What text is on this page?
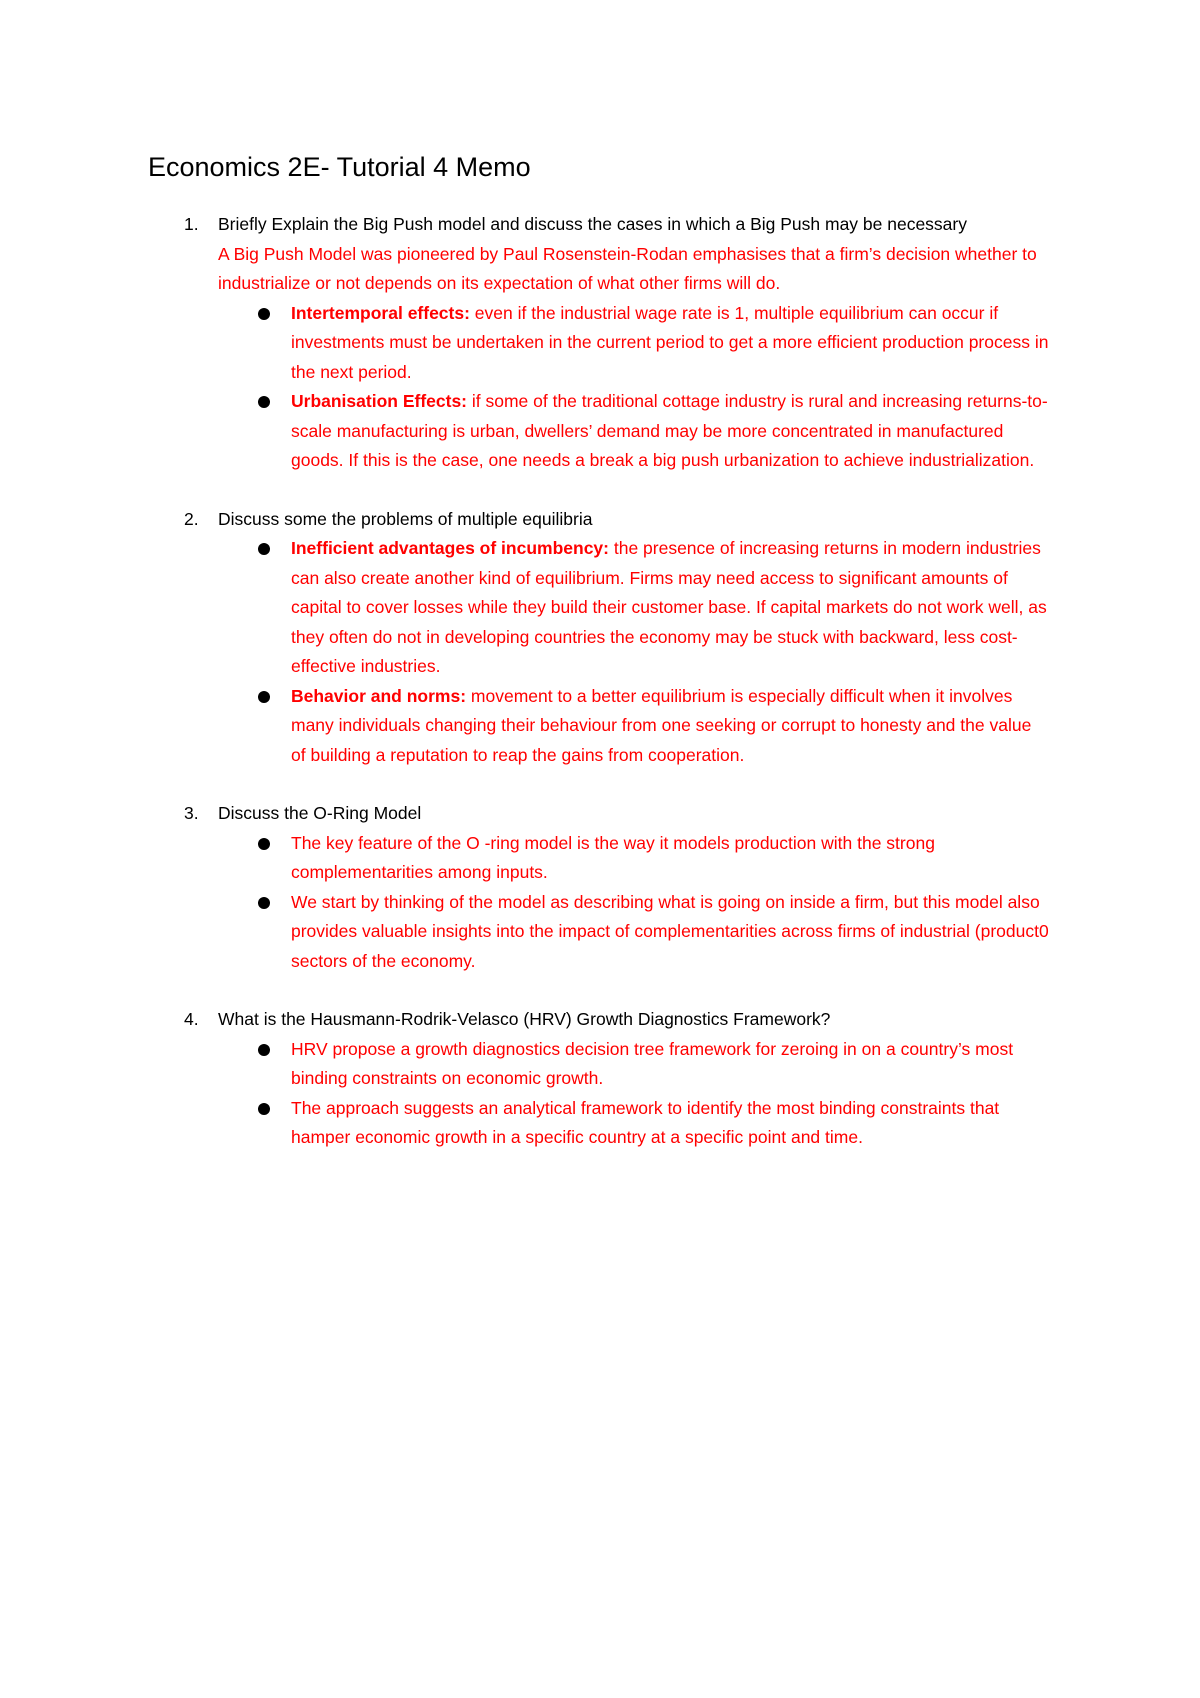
Economics 2E- Tutorial 4 Memo
1. Briefly Explain the Big Push model and discuss the cases in which a Big Push may be necessary
A Big Push Model was pioneered by Paul Rosenstein-Rodan emphasises that a firm’s decision whether to industrialize or not depends on its expectation of what other firms will do.
Intertemporal effects: even if the industrial wage rate is 1, multiple equilibrium can occur if investments must be undertaken in the current period to get a more efficient production process in the next period.
Urbanisation Effects: if some of the traditional cottage industry is rural and increasing returns-to-scale manufacturing is urban, dwellers’ demand may be more concentrated in manufactured goods. If this is the case, one needs a break a big push urbanization to achieve industrialization.
2. Discuss some the problems of multiple equilibria
Inefficient advantages of incumbency: the presence of increasing returns in modern industries can also create another kind of equilibrium. Firms may need access to significant amounts of capital to cover losses while they build their customer base. If capital markets do not work well, as they often do not in developing countries the economy may be stuck with backward, less cost-effective industries.
Behavior and norms: movement to a better equilibrium is especially difficult when it involves many individuals changing their behaviour from one seeking or corrupt to honesty and the value of building a reputation to reap the gains from cooperation.
3. Discuss the O-Ring Model
The key feature of the O -ring model is the way it models production with the strong complementarities among inputs.
We start by thinking of the model as describing what is going on inside a firm, but this model also provides valuable insights into the impact of complementarities across firms of industrial (product0 sectors of the economy.
4. What is the Hausmann-Rodrik-Velasco (HRV) Growth Diagnostics Framework?
HRV propose a growth diagnostics decision tree framework for zeroing in on a country’s most binding constraints on economic growth.
The approach suggests an analytical framework to identify the most binding constraints that hamper economic growth in a specific country at a specific point and time.
